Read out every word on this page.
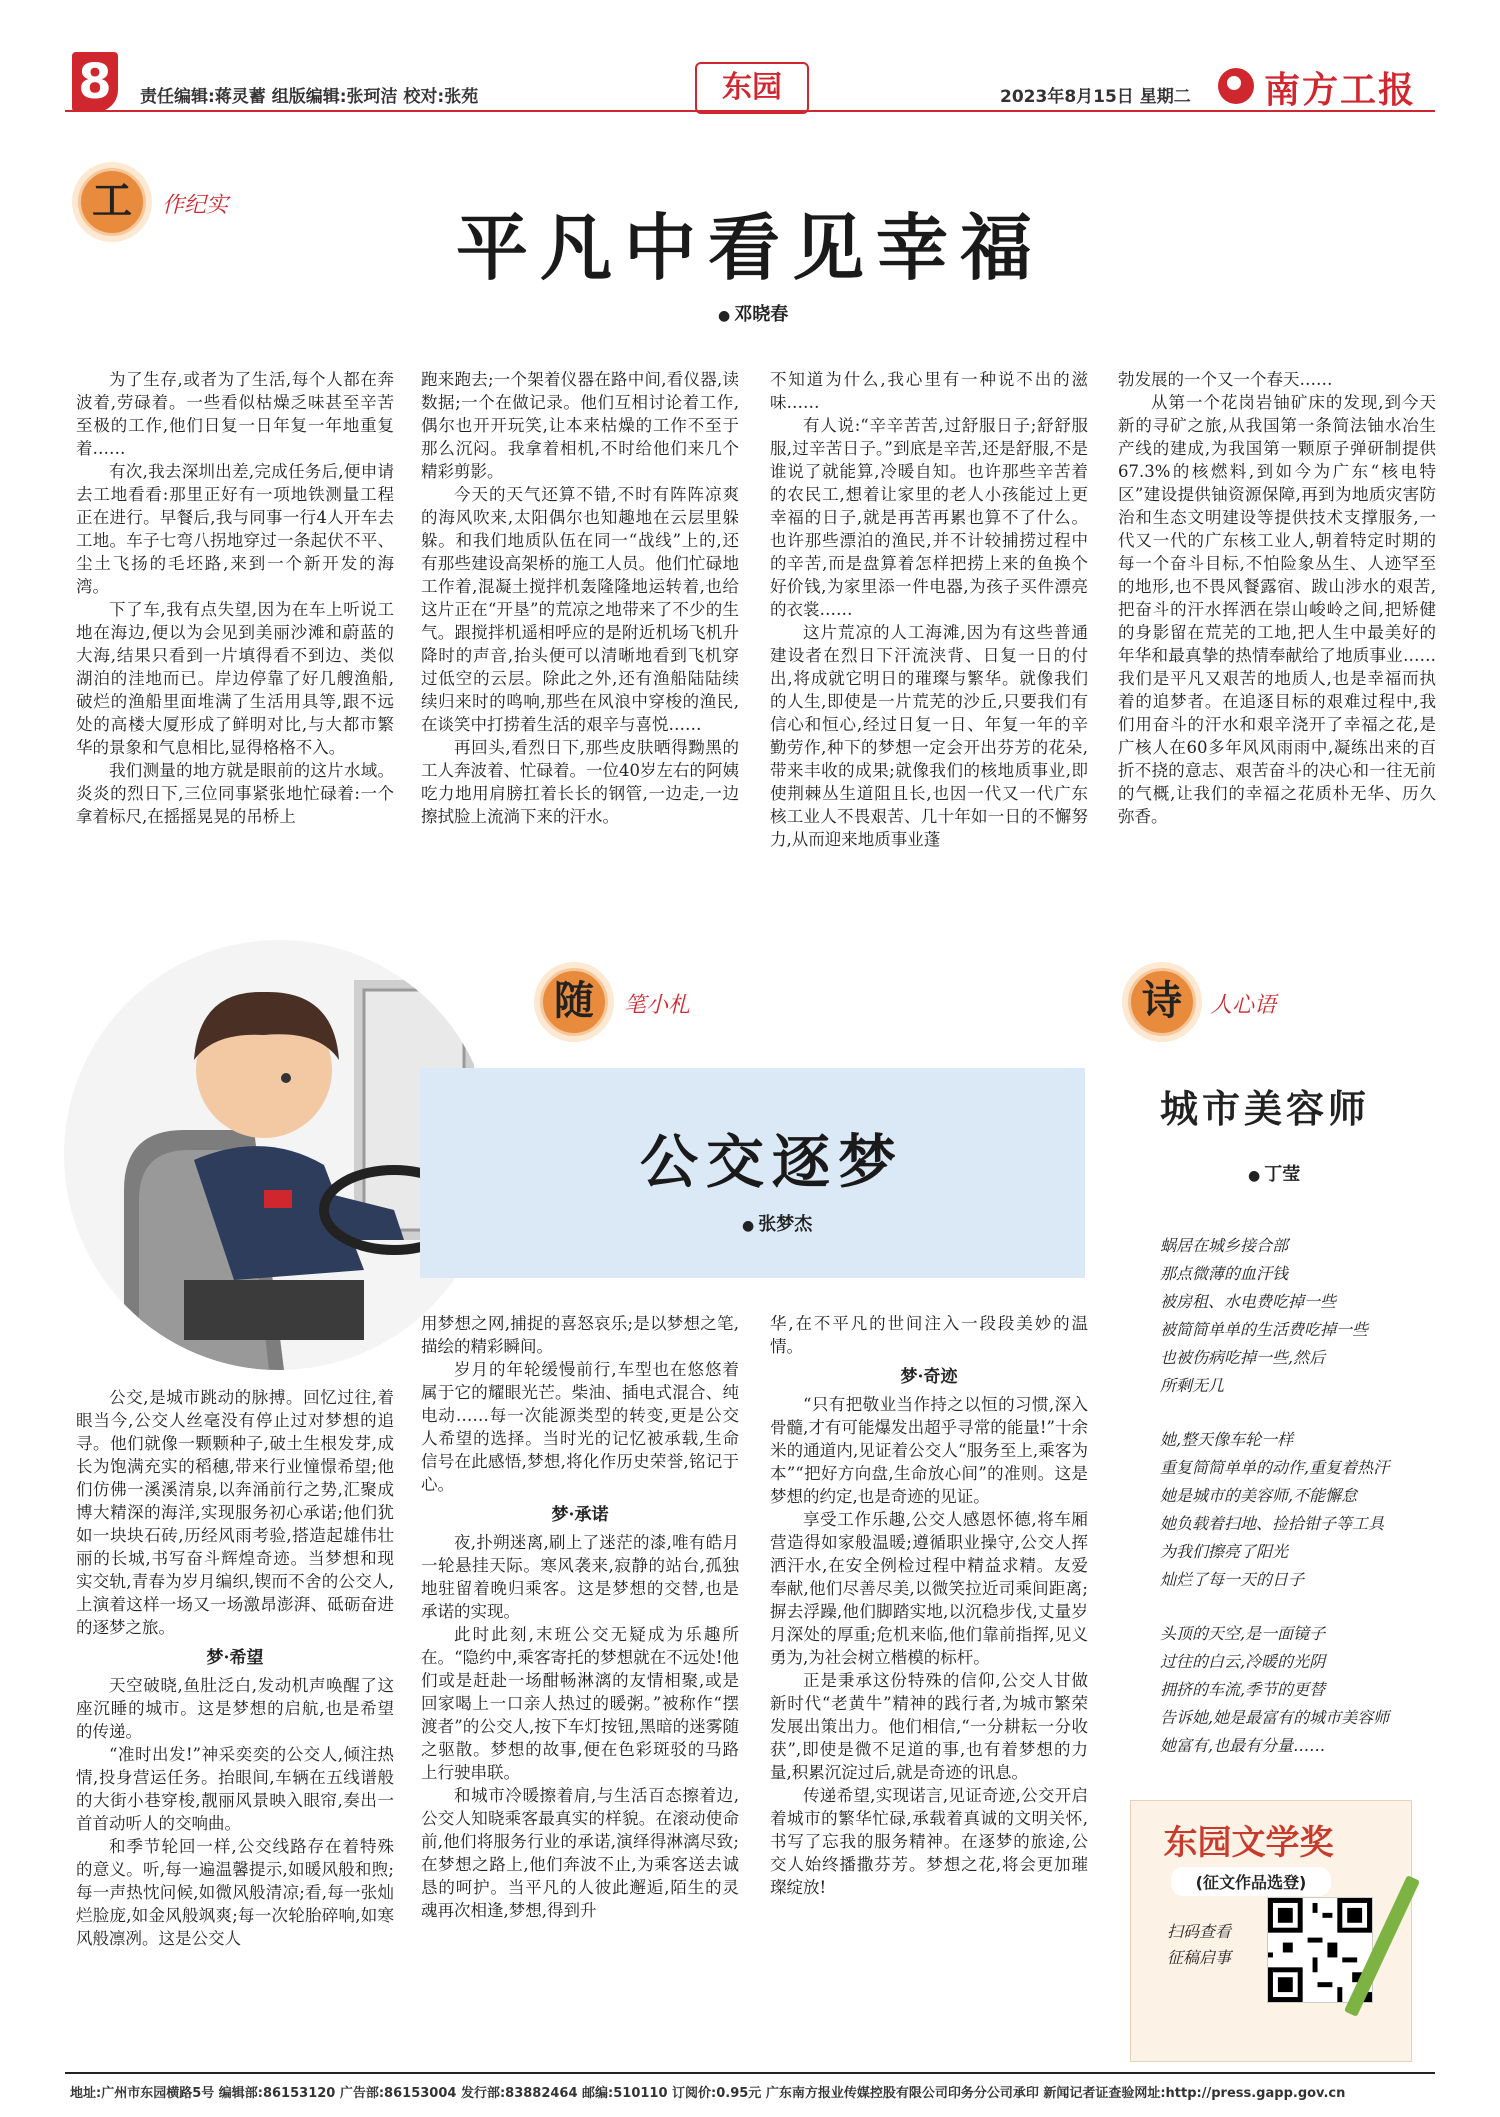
8	责任编辑:蒋灵蓄 组版编辑:张珂洁 校对:张苑	东园	2023年8月15日 星期二 南方工报
工	作纪实	平凡中看见幸福
● 邓晓春

为了生存,或者为了生活,每个人都在奔波着,劳碌着。一些看似枯燥乏味甚至辛苦至极的工作,他们日复一日年复一年地重复着……

有次,我去深圳出差,完成任务后,便申请去工地看看:那里正好有一项地铁测量工程正在进行。早餐后,我与同事一行4人开车去工地。车子七弯八拐地穿过一条起伏不平、尘土飞扬的毛坯路,来到一个新开发的海湾。

下了车,我有点失望,因为在车上听说工地在海边,便以为会见到美丽沙滩和蔚蓝的大海,结果只看到一片填得看不到边、类似湖泊的洼地而已。岸边停靠了好几艘渔船,破烂的渔船里面堆满了生活用具等,跟不远处的高楼大厦形成了鲜明对比,与大都市繁华的景象和气息相比,显得格格不入。

我们测量的地方就是眼前的这片水域。炎炎的烈日下,三位同事紧张地忙碌着:一个拿着标尺,在摇摇晃晃的吊桥上

跑来跑去;一个架着仪器在路中间,看仪器,读数据;一个在做记录。他们互相讨论着工作,偶尔也开开玩笑,让本来枯燥的工作不至于那么沉闷。我拿着相机,不时给他们来几个精彩剪影。

今天的天气还算不错,不时有阵阵凉爽的海风吹来,太阳偶尔也知趣地在云层里躲躲。和我们地质队伍在同一“战线”上的,还有那些建设高架桥的施工人员。他们忙碌地工作着,混凝土搅拌机轰隆隆地运转着,也给这片正在“开垦”的荒凉之地带来了不少的生气。跟搅拌机遥相呼应的是附近机场飞机升降时的声音,抬头便可以清晰地看到飞机穿过低空的云层。除此之外,还有渔船陆陆续续归来时的鸣响,那些在风浪中穿梭的渔民,在谈笑中打捞着生活的艰辛与喜悦……

再回头,看烈日下,那些皮肤晒得黝黑的工人奔波着、忙碌着。一位40岁左右的阿姨吃力地用肩膀扛着长长的钢管,一边走,一边擦拭脸上流淌下来的汗水。

不知道为什么,我心里有一种说不出的滋味……

有人说:“辛辛苦苦,过舒服日子;舒舒服服,过辛苦日子。”到底是辛苦,还是舒服,不是谁说了就能算,冷暖自知。也许那些辛苦着的农民工,想着让家里的老人小孩能过上更幸福的日子,就是再苦再累也算不了什么。也许那些漂泊的渔民,并不计较捕捞过程中的辛苦,而是盘算着怎样把捞上来的鱼换个好价钱,为家里添一件电器,为孩子买件漂亮的衣裳……

这片荒凉的人工海滩,因为有这些普通建设者在烈日下汗流浃背、日复一日的付出,将成就它明日的璀璨与繁华。就像我们的人生,即使是一片荒芜的沙丘,只要我们有信心和恒心,经过日复一日、年复一年的辛勤劳作,种下的梦想一定会开出芬芳的花朵,带来丰收的成果;就像我们的核地质事业,即使荆棘丛生道阻且长,也因一代又一代广东核工业人不畏艰苦、几十年如一日的不懈努力,从而迎来地质事业蓬

勃发展的一个又一个春天……

从第一个花岗岩铀矿床的发现,到今天新的寻矿之旅,从我国第一条简法铀水冶生产线的建成,为我国第一颗原子弹研制提供67.3%的核燃料,到如今为广东“核电特区”建设提供铀资源保障,再到为地质灾害防治和生态文明建设等提供技术支撑服务,一代又一代的广东核工业人,朝着特定时期的每一个奋斗目标,不怕险象丛生、人迹罕至的地形,也不畏风餐露宿、跋山涉水的艰苦,把奋斗的汗水挥洒在崇山峻岭之间,把矫健的身影留在荒芜的工地,把人生中最美好的年华和最真挚的热情奉献给了地质事业……我们是平凡又艰苦的地质人,也是幸福而执着的追梦者。在追逐目标的艰难过程中,我们用奋斗的汗水和艰辛浇开了幸福之花,是广核人在60多年风风雨雨中,凝练出来的百折不挠的意志、艰苦奋斗的决心和一往无前的气概,让我们的幸福之花质朴无华、历久弥香。

随	笔小札
公交逐梦
● 张梦杰

公交,是城市跳动的脉搏。回忆过往,着眼当今,公交人丝毫没有停止过对梦想的追寻。他们就像一颗颗种子,破土生根发芽,成长为饱满充实的稻穗,带来行业憧憬希望;他们仿佛一溪溪清泉,以奔涌前行之势,汇聚成博大精深的海洋,实现服务初心承诺;他们犹如一块块石砖,历经风雨考验,搭造起雄伟壮丽的长城,书写奋斗辉煌奇迹。当梦想和现实交轨,青春为岁月编织,锲而不舍的公交人,上演着这样一场又一场激昂澎湃、砥砺奋进的逐梦之旅。

梦·希望

天空破晓,鱼肚泛白,发动机声唤醒了这座沉睡的城市。这是梦想的启航,也是希望的传递。

“准时出发!”神采奕奕的公交人,倾注热情,投身营运任务。抬眼间,车辆在五线谱般的大街小巷穿梭,靓丽风景映入眼帘,奏出一首首动听人的交响曲。

和季节轮回一样,公交线路存在着特殊的意义。听,每一遍温馨提示,如暖风般和煦;每一声热忱问候,如微风般清凉;看,每一张灿烂脸庞,如金风般飒爽;每一次轮胎碎响,如寒风般凛冽。这是公交人

用梦想之网,捕捉的喜怒哀乐;是以梦想之笔,描绘的精彩瞬间。

岁月的年轮缓慢前行,车型也在悠悠着属于它的耀眼光芒。柴油、插电式混合、纯电动……每一次能源类型的转变,更是公交人希望的选择。当时光的记忆被承载,生命信号在此感悟,梦想,将化作历史荣誉,铭记于心。

梦·承诺

夜,扑朔迷离,刷上了迷茫的漆,唯有皓月一轮悬挂天际。寒风袭来,寂静的站台,孤独地驻留着晚归乘客。这是梦想的交替,也是承诺的实现。

此时此刻,末班公交无疑成为乐趣所在。“隐约中,乘客寄托的梦想就在不远处!他们或是赶赴一场酣畅淋漓的友情相聚,或是回家喝上一口亲人热过的暖粥。”被称作“摆渡者”的公交人,按下车灯按钮,黑暗的迷雾随之驱散。梦想的故事,便在色彩斑驳的马路上行驶串联。

和城市冷暖擦着肩,与生活百态擦着边,公交人知晓乘客最真实的样貌。在滚动使命前,他们将服务行业的承诺,演绎得淋漓尽致;在梦想之路上,他们奔波不止,为乘客送去诚恳的呵护。当平凡的人彼此邂逅,陌生的灵魂再次相逢,梦想,得到升

华,在不平凡的世间注入一段段美妙的温情。

梦·奇迹

“只有把敬业当作持之以恒的习惯,深入骨髓,才有可能爆发出超乎寻常的能量!”十余米的通道内,见证着公交人“服务至上,乘客为本”“把好方向盘,生命放心间”的准则。这是梦想的约定,也是奇迹的见证。

享受工作乐趣,公交人感恩怀德,将车厢营造得如家般温暖;遵循职业操守,公交人挥洒汗水,在安全例检过程中精益求精。友爱奉献,他们尽善尽美,以微笑拉近司乘间距离;摒去浮躁,他们脚踏实地,以沉稳步伐,丈量岁月深处的厚重;危机来临,他们靠前指挥,见义勇为,为社会树立楷模的标杆。

正是秉承这份特殊的信仰,公交人甘做新时代“老黄牛”精神的践行者,为城市繁荣发展出策出力。他们相信,“一分耕耘一分收获”,即使是微不足道的事,也有着梦想的力量,积累沉淀过后,就是奇迹的讯息。

传递希望,实现诺言,见证奇迹,公交开启着城市的繁华忙碌,承载着真诚的文明关怀,书写了忘我的服务精神。在逐梦的旅途,公交人始终播撒芬芳。梦想之花,将会更加璀璨绽放!

诗	人心语
城市美容师
● 丁莹
蜗居在城乡接合部
那点微薄的血汗钱
被房租、水电费吃掉一些
被简简单单的生活费吃掉一些
也被伤病吃掉一些,然后
所剩无几
她,整天像车轮一样
重复简简单单的动作,重复着热汗
她是城市的美容师,不能懈怠
她负载着扫地、捡拾钳子等工具
为我们擦亮了阳光
灿烂了每一天的日子
头顶的天空,是一面镜子
过往的白云,冷暖的光阴
拥挤的车流,季节的更替
告诉她,她是最富有的城市美容师
她富有,也最有分量……
东园文学奖
(征文作品选登)
扫码查看
征稿启事
地址:广州市东园横路5号 编辑部:86153120 广告部:86153004 发行部:83882464 邮编:510110 订阅价:0.95元 广东南方报业传媒控股有限公司印务分公司承印 新闻记者证查验网址:http://press.gapp.gov.cn
